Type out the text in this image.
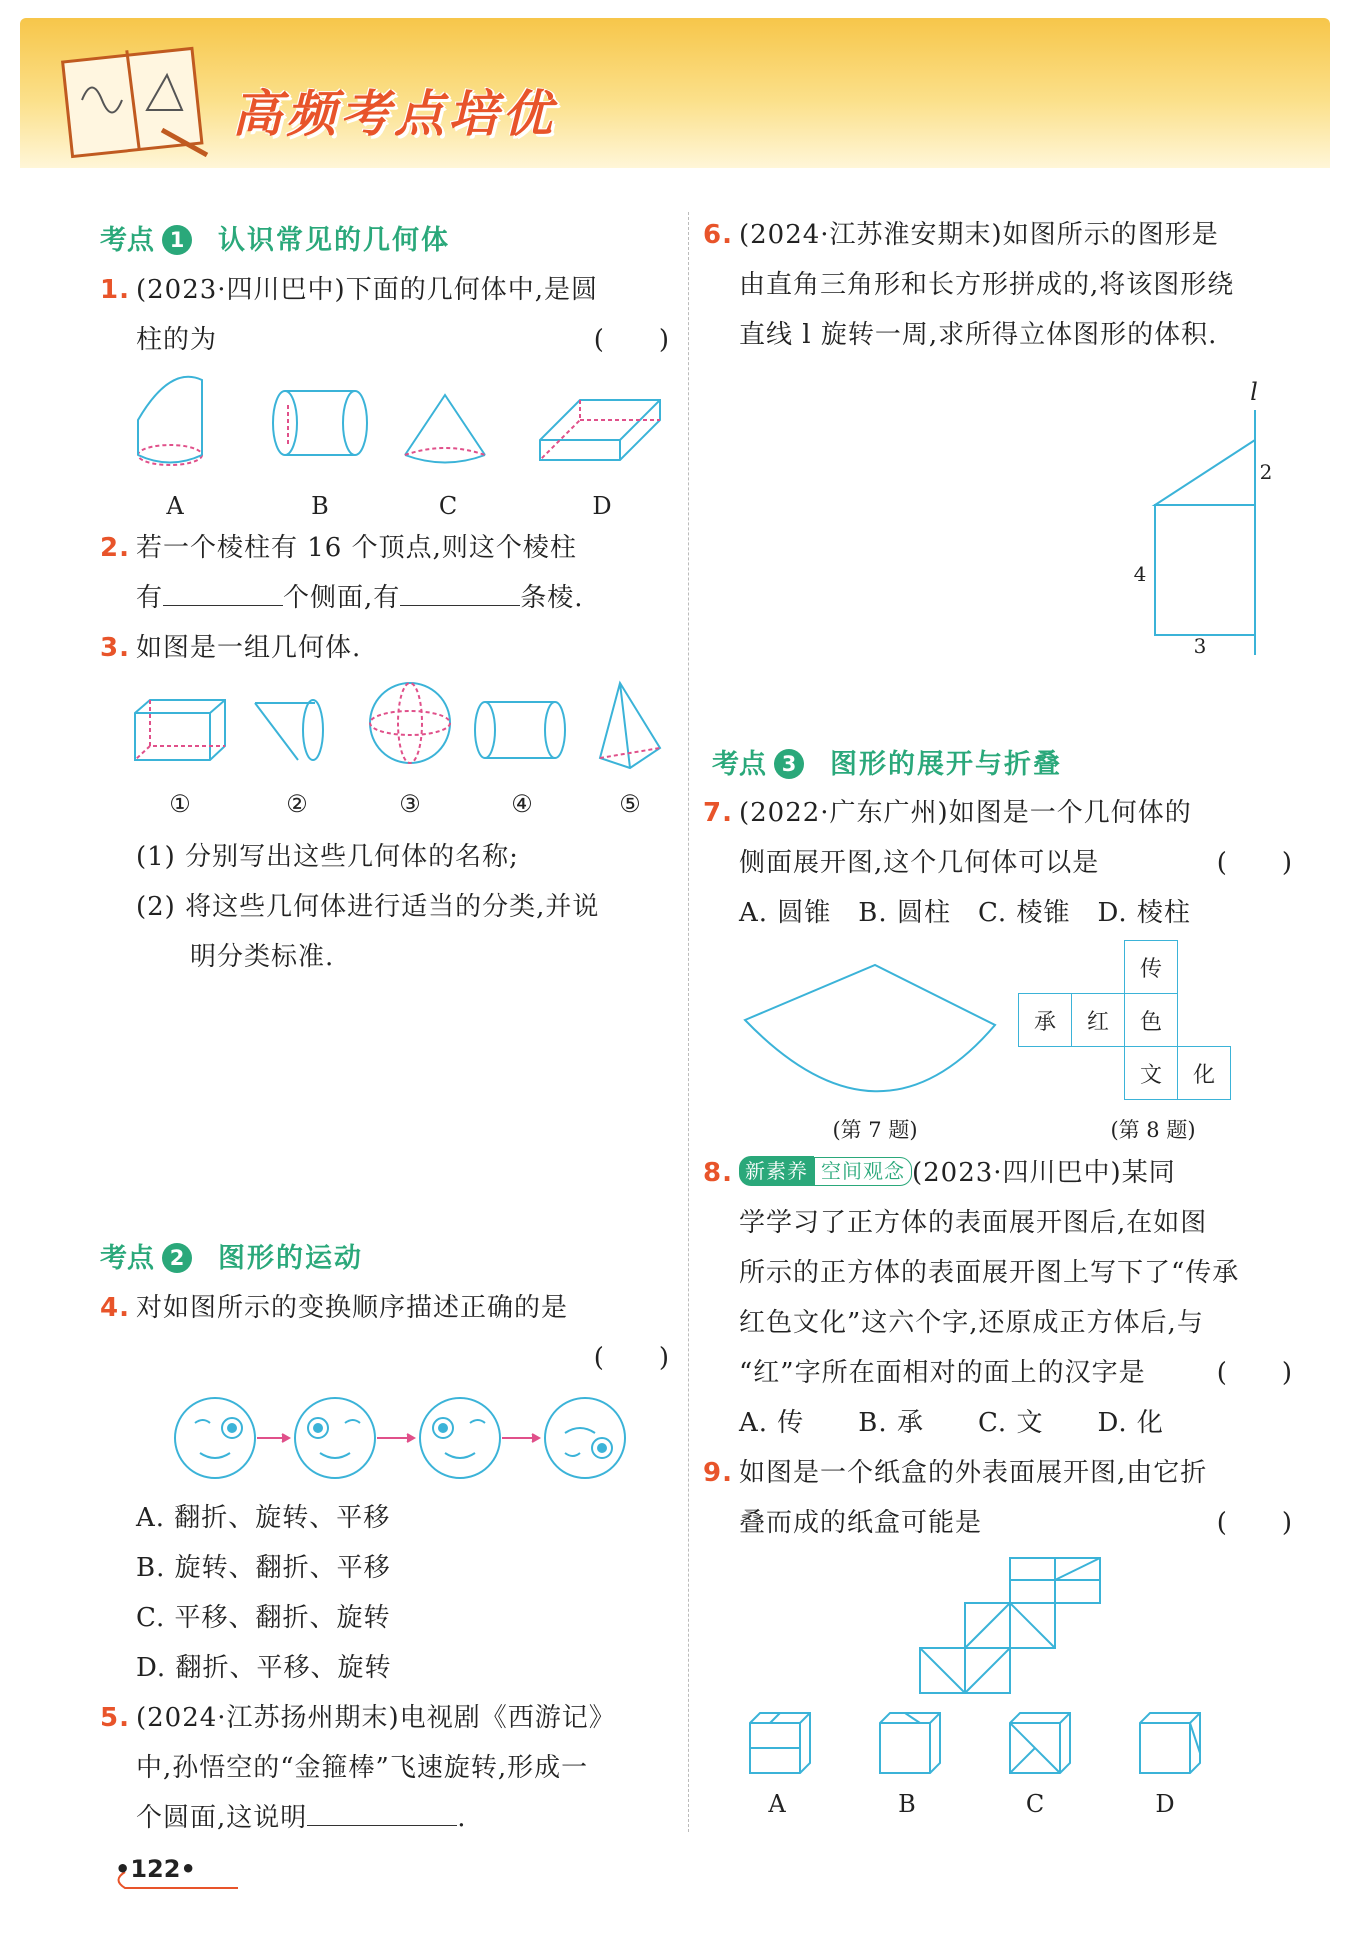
高频考点培优
考点 1 认识常见的几何体
1. (2023·四川巴中)下面的几何体中,是圆
柱的为	(　　)
A	B	C	D
2. 若一个棱柱有 16 个顶点,则这个棱柱
有	个侧面,有	条棱.
3. 如图是一组几何体.
①	②	③	④	⑤
(1) 分别写出这些几何体的名称;
(2) 将这些几何体进行适当的分类,并说
明分类标准.
考点 2 图形的运动
4. 对如图所示的变换顺序描述正确的是
(　　)
A. 翻折、旋转、平移
B. 旋转、翻折、平移
C. 平移、翻折、旋转
D. 翻折、平移、旋转
5. (2024·江苏扬州期末)电视剧《西游记》
中,孙悟空的“金箍棒”飞速旋转,形成一
个圆面,这说明	.
6. (2024·江苏淮安期末)如图所示的图形是
由直角三角形和长方形拼成的,将该图形绕
直线 l 旋转一周,求所得立体图形的体积.
l
2
4
3
考点 3 图形的展开与折叠
7. (2022·广东广州)如图是一个几何体的
侧面展开图,这个几何体可以是	(　　)
A. 圆锥　B. 圆柱　C. 棱锥　D. 棱柱
(第 7 题)
		传	
承	红	色	
		文	化
(第 8 题)
8. 新素养 空间观念 (2023·四川巴中)某同
学学习了正方体的表面展开图后,在如图
所示的正方体的表面展开图上写下了“传承
红色文化”这六个字,还原成正方体后,与
“红”字所在面相对的面上的汉字是	(　　)
A. 传　　B. 承　　C. 文　　D. 化
9. 如图是一个纸盒的外表面展开图,由它折
叠而成的纸盒可能是	(　　)
A	B	C	D
•122•
